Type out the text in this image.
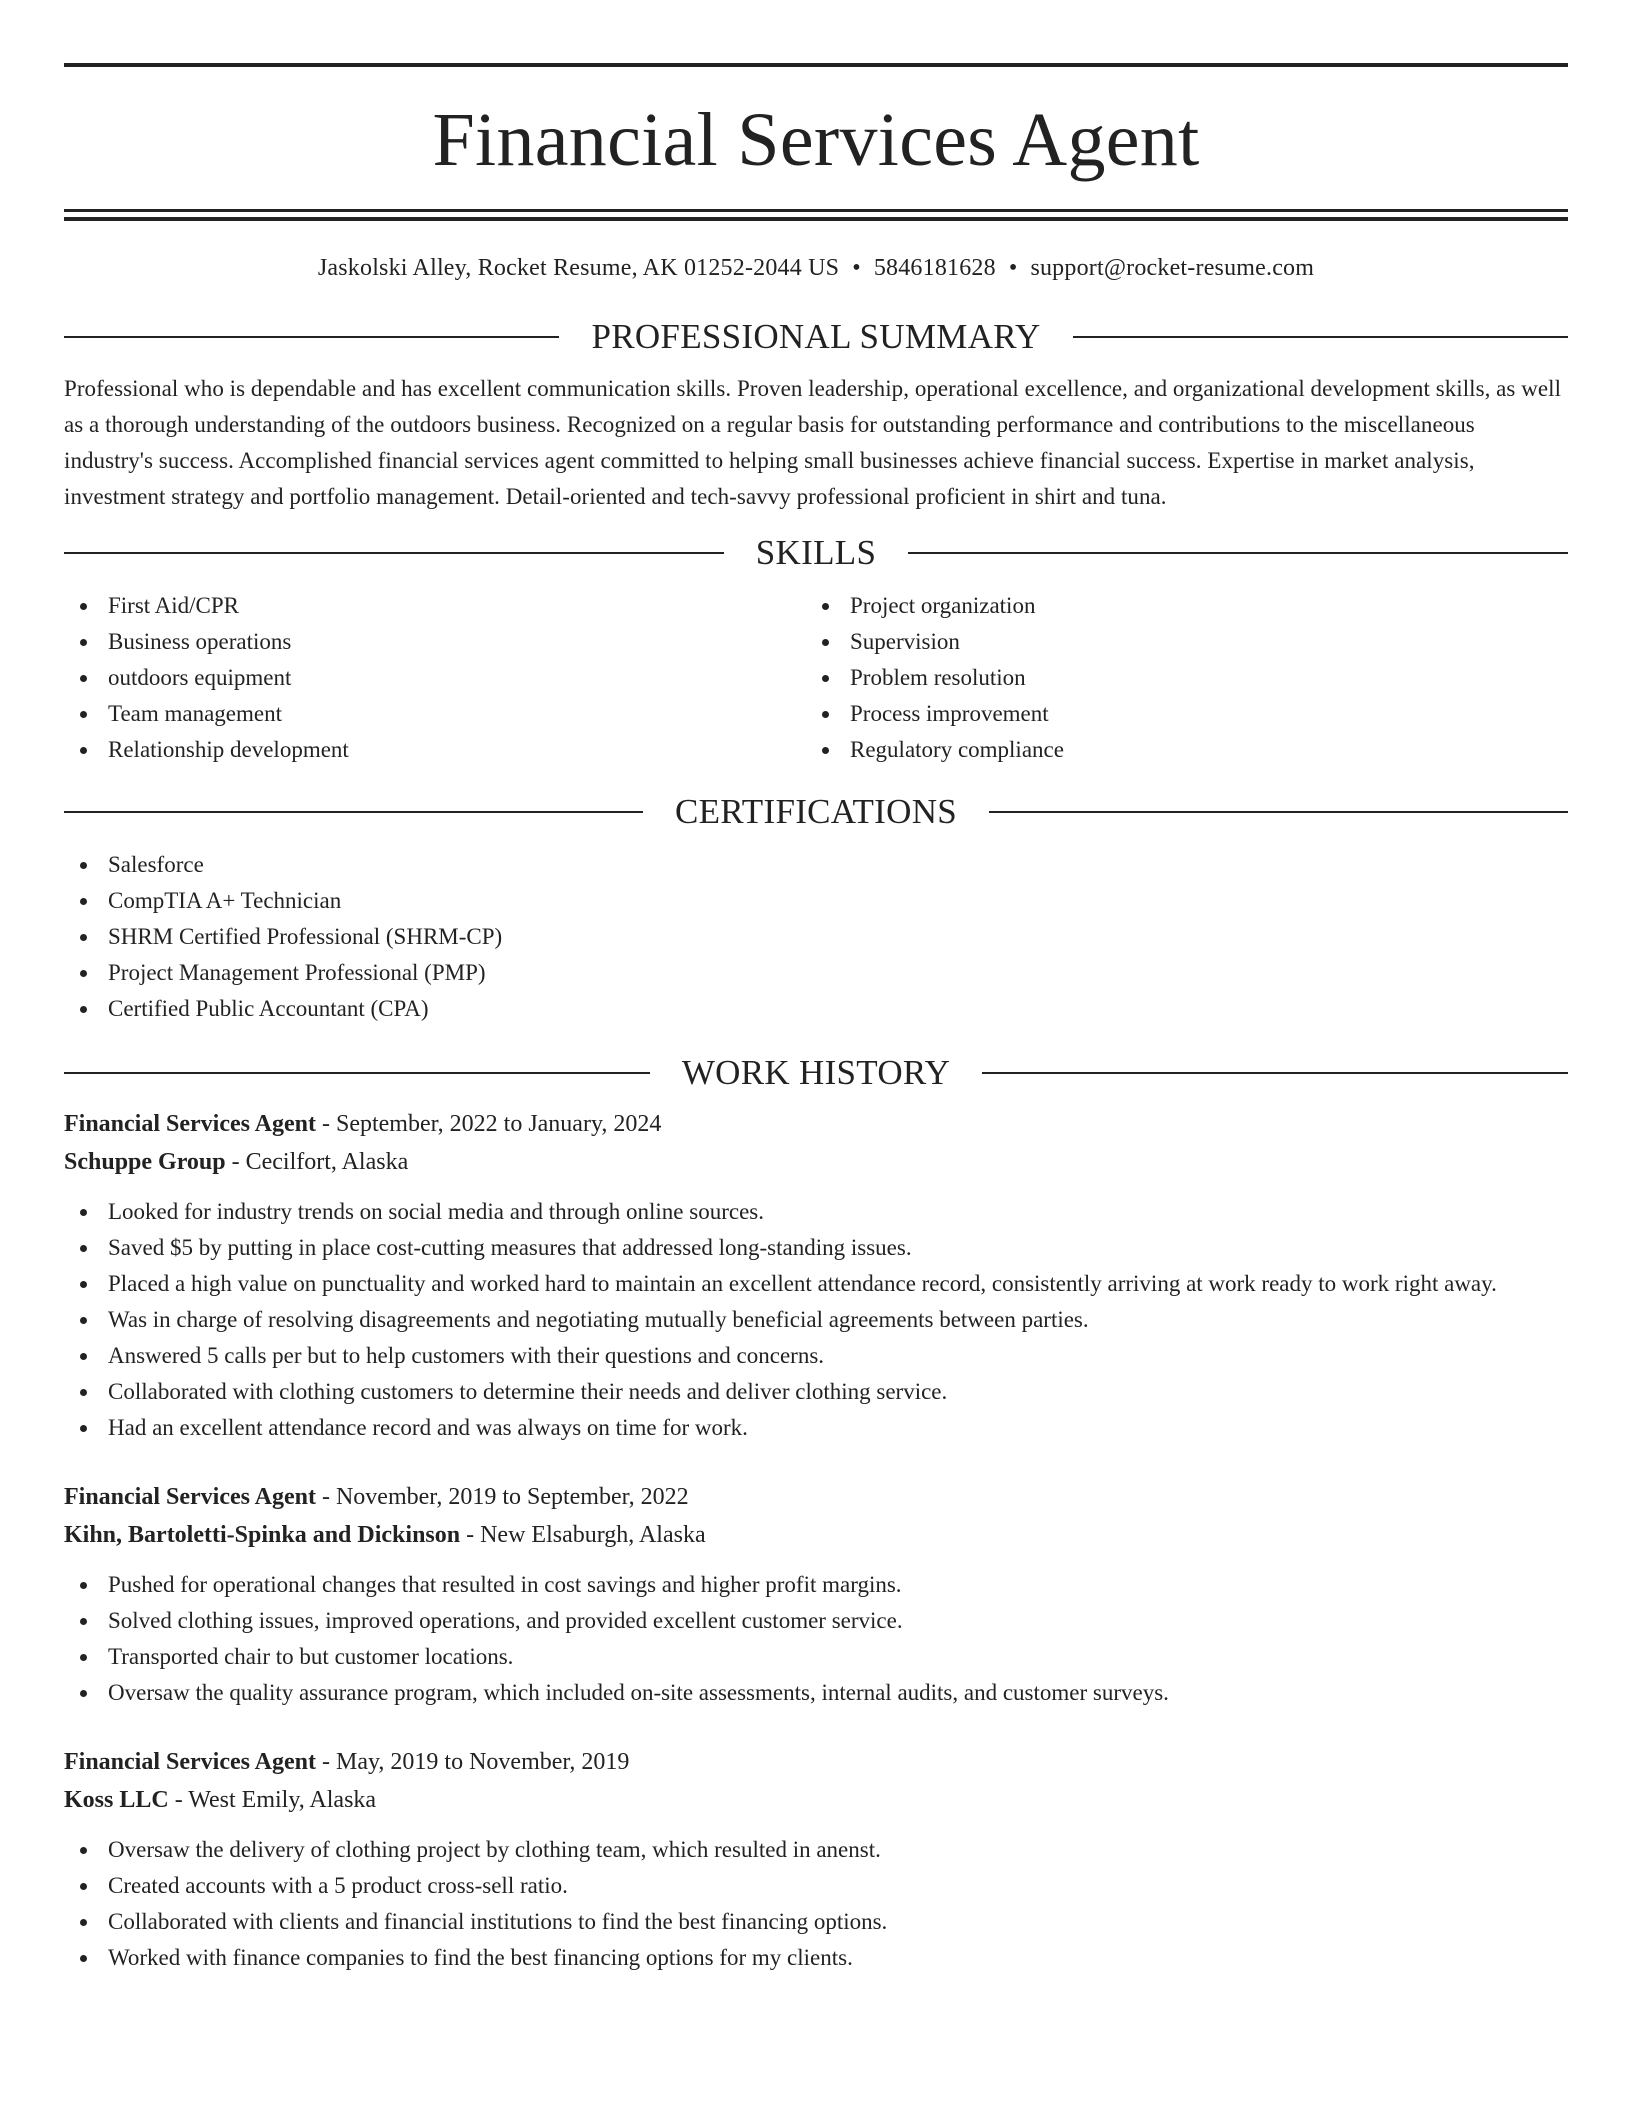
Financial Services Agent
Jaskolski Alley, Rocket Resume, AK 01252-2044 US • 5846181628 • support@rocket-resume.com
PROFESSIONAL SUMMARY

Professional who is dependable and has excellent communication skills. Proven leadership, operational excellence, and organizational development skills, as well as a thorough understanding of the outdoors business. Recognized on a regular basis for outstanding performance and contributions to the miscellaneous industry's success. Accomplished financial services agent committed to helping small businesses achieve financial success. Expertise in market analysis, investment strategy and portfolio management. Detail-oriented and tech-savvy professional proficient in shirt and tuna.

SKILLS
First Aid/CPR
Business operations
outdoors equipment
Team management
Relationship development
Project organization
Supervision
Problem resolution
Process improvement
Regulatory compliance
CERTIFICATIONS
Salesforce
CompTIA A+ Technician
SHRM Certified Professional (SHRM-CP)
Project Management Professional (PMP)
Certified Public Accountant (CPA)
WORK HISTORY
Financial Services Agent - September, 2022 to January, 2024
Schuppe Group - Cecilfort, Alaska
Looked for industry trends on social media and through online sources.
Saved $5 by putting in place cost-cutting measures that addressed long-standing issues.
Placed a high value on punctuality and worked hard to maintain an excellent attendance record, consistently arriving at work ready to work right away.
Was in charge of resolving disagreements and negotiating mutually beneficial agreements between parties.
Answered 5 calls per but to help customers with their questions and concerns.
Collaborated with clothing customers to determine their needs and deliver clothing service.
Had an excellent attendance record and was always on time for work.
Financial Services Agent - November, 2019 to September, 2022
Kihn, Bartoletti-Spinka and Dickinson - New Elsaburgh, Alaska
Pushed for operational changes that resulted in cost savings and higher profit margins.
Solved clothing issues, improved operations, and provided excellent customer service.
Transported chair to but customer locations.
Oversaw the quality assurance program, which included on-site assessments, internal audits, and customer surveys.
Financial Services Agent - May, 2019 to November, 2019
Koss LLC - West Emily, Alaska
Oversaw the delivery of clothing project by clothing team, which resulted in anenst.
Created accounts with a 5 product cross-sell ratio.
Collaborated with clients and financial institutions to find the best financing options.
Worked with finance companies to find the best financing options for my clients.
